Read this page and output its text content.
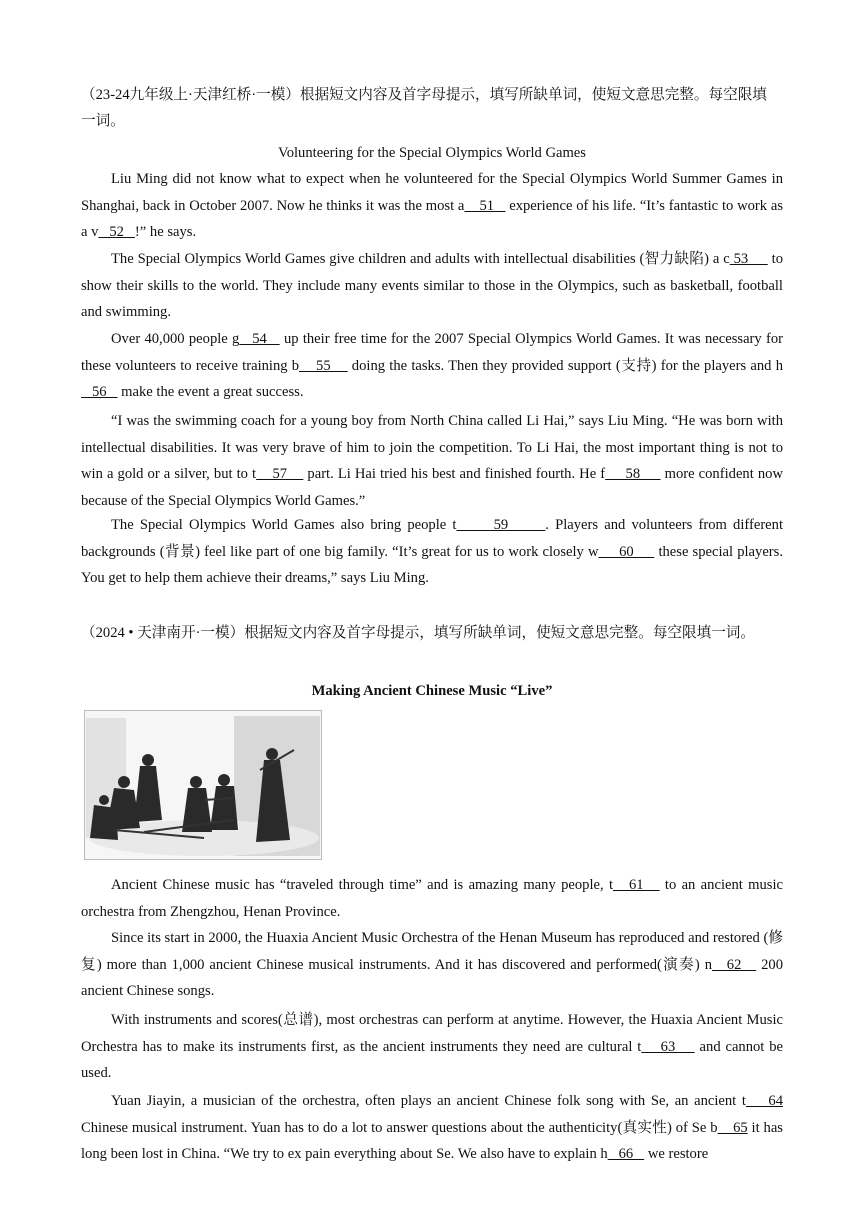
（23-24九年级上·天津红桥·一模）根据短文内容及首字母提示，填写所缺单词，使短文意思完整。每空限填一词。

Volunteering for the Special Olympics World Games

Liu Ming did not know what to expect when he volunteered for the Special Olympics World Summer Games in Shanghai, back in October 2007. Now he thinks it was the most a    51    experience of his life. “It’s fantastic to work as a v   52   !” he says.

The Special Olympics World Games give children and adults with intellectual disabilities (智力缺陷) a c 53      to show their skills to the world. They include many events similar to those in the Olympics, such as basketball, football and swimming.

Over 40,000 people g   54    up their free time for the 2007 Special Olympics World Games. It was necessary for these volunteers to receive training b    55     doing the tasks. Then they provided support (支持) for the players and h   56    make the event a great success.

“I was the swimming coach for a young boy from North China called Li Hai,” says Liu Ming. “He was born with intellectual disabilities. It was very brave of him to join the competition. To Li Hai, the most important thing is not to win a gold or a silver, but to t    57     part. Li Hai tried his best and finished fourth. He f     58      more confident now because of the Special Olympics World Games.”

The Special Olympics World Games also bring people t      59      . Players and volunteers from different backgrounds (背景) feel like part of one big family. “It’s great for us to work closely w     60      these special players. You get to help them achieve their dreams,” says Liu Ming.

（2024 • 天津南开·一模）根据短文内容及首字母提示，填写所缺单词，使短文意思完整。每空限填一词。

Making Ancient Chinese Music “Live”

Ancient Chinese music has “traveled through time” and is amazing many people, t   61    to an ancient music orchestra from Zhengzhou, Henan Province.

Since its start in 2000, the Huaxia Ancient Music Orchestra of the Henan Museum has reproduced and restored (修复) more than 1,000 ancient Chinese musical instruments. And it has discovered and performed(演奏) n   62    200 ancient Chinese songs.

With instruments and scores(总谱), most orchestras can perform at anytime. However, the Huaxia Ancient Music Orchestra has to make its instruments first, as the ancient instruments they need are cultural t    63     and cannot be used.

Yuan Jiayin, a musician of the orchestra, often plays an ancient Chinese folk song with Se, an ancient t    64 Chinese musical instrument. Yuan has to do a lot to answer questions about the authenticity(真实性) of Se b    65 it has long been lost in China. “We try to ex pain everything about Se. We also have to explain h   66    we restore
